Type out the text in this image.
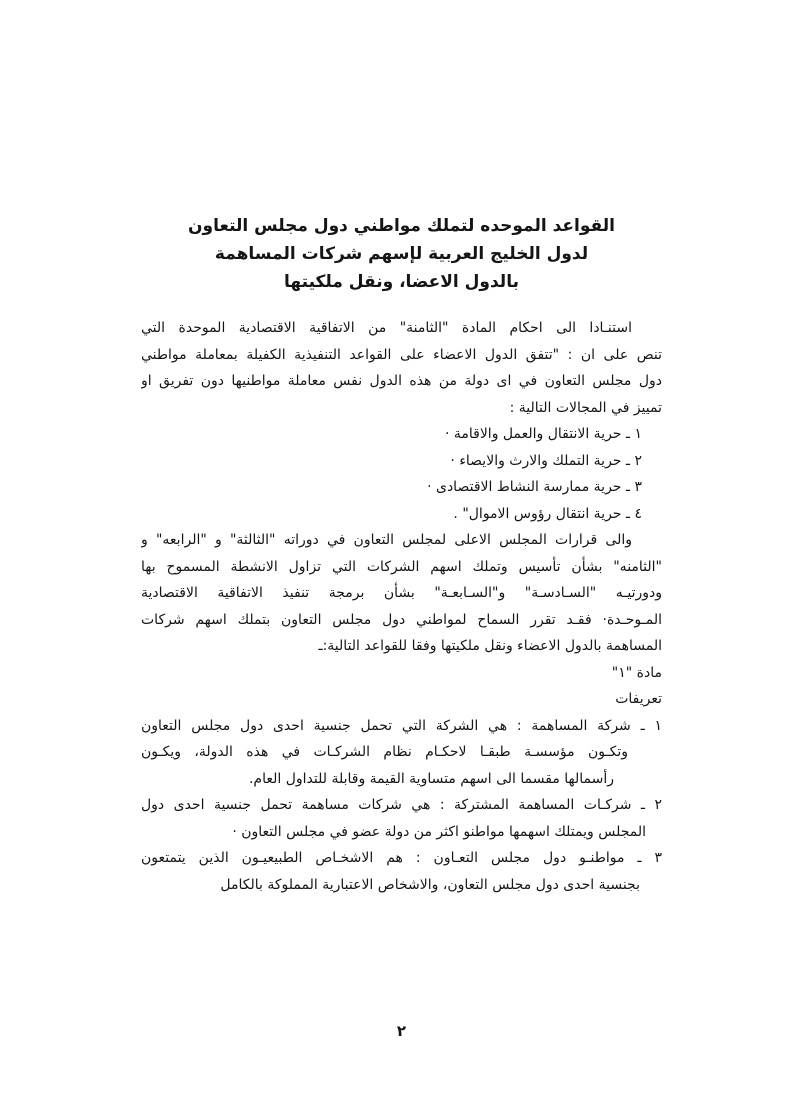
القواعد الموحده لتملك مواطني دول مجلس التعاون
لدول الخليج العربية لإسهم شركات المساهمة
بالدول الاعضا، ونقل ملكيتها
استنـادا الى احكام المادة "الثامنة" من الاتفاقية الاقتصادية الموحدة التي
تنص على ان : "تتفق الدول الاعضاء على القواعد التنفيذية الكفيلة بمعاملة مواطني
دول مجلس التعاون في اى دولة من هذه الدول نفس معاملة مواطنيها دون تفريق او
تمييز في المجالات التالية :
١ ـ حرية الانتقال والعمل والاقامة ·
٢ ـ حرية التملك والارث والايصاء ·
٣ ـ حرية ممارسة النشاط الاقتصادى ·
٤ ـ حرية انتقال رؤوس الاموال" .
والى قرارات المجلس الاعلى لمجلس التعاون في دوراته "الثالثة" و "الرابعه" و
"الثامنه" بشأن تأسيس وتملك اسهم الشركات التي تزاول الانشطة المسموح بها
ودورتيـه "السـادسـة" و"السـابعـة" بشأن برمجة تنفيذ الاتفاقية الاقتصادية
المـوحـدة· فقـد تقرر السماح لمواطني دول مجلس التعاون بتملك اسهم شركات
المساهمة بالدول الاعضاء ونقل ملكيتها وفقا للقواعد التالية:ـ
مادة "١"
تعريفات
١ ـ شركة المساهمة : هي الشركة التي تحمل جنسية احدى دول مجلس التعاون
وتكـون مؤسسـة طبقـا لاحكـام نظام الشركـات في هذه الدولة، ويكـون
رأسمالها مقسما الى اسهم متساوية القيمة وقابلة للتداول العام.
٢ ـ شركـات المساهمة المشتركة : هي شركات مساهمة تحمل جنسية احدى دول
المجلس ويمتلك اسهمها مواطنو اكثر من دولة عضو في مجلس التعاون ·
٣ ـ مواطنـو دول مجلس التعـاون : هم الاشخـاص الطبيعيـون الذين يتمتعون
بجنسية احدى دول مجلس التعاون، والاشخاص الاعتبارية المملوكة بالكامل
٢
